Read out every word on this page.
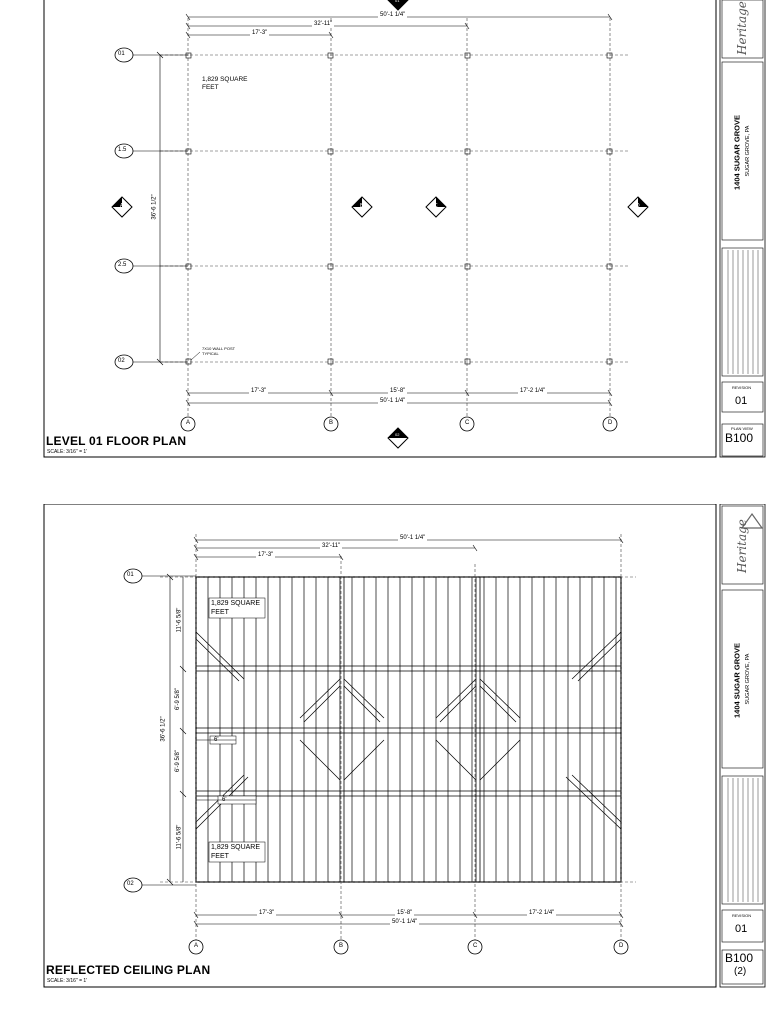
1,829 SQUARE
FEET
7X10 WALL POST
TYPICAL
50'-1 1/4"
32'-11"
17'-3"
36'-6 1/2"
17'-3"	15'-8"	17'-2 1/4"
50'-1 1/4"
01
1.5
2.5
02
A	B	C	D
A	B	C	D
01
02
LEVEL 01 FLOOR PLAN
SCALE: 3/16" = 1'
Heritage
1404 SUGAR GROVE SUGAR GROVE, PA
REVISION
01
PLAN VIEW
B100
1,829 SQUARE
FEET
1,829 SQUARE
FEET
50'-1 1/4"
32'-11"
17'-3"
36'-6 1/2"
11'-6 5/8"
6'-9 5/8"
6'-9 5/8"
11'-6 5/8"
6'
6'
17'-3"	15'-8"	17'-2 1/4"
50'-1 1/4"
01
02
A	B	C	D
REFLECTED CEILING PLAN
SCALE: 3/16" = 1'
Heritage
1404 SUGAR GROVE SUGAR GROVE, PA
REVISION
01
B100
(2)
